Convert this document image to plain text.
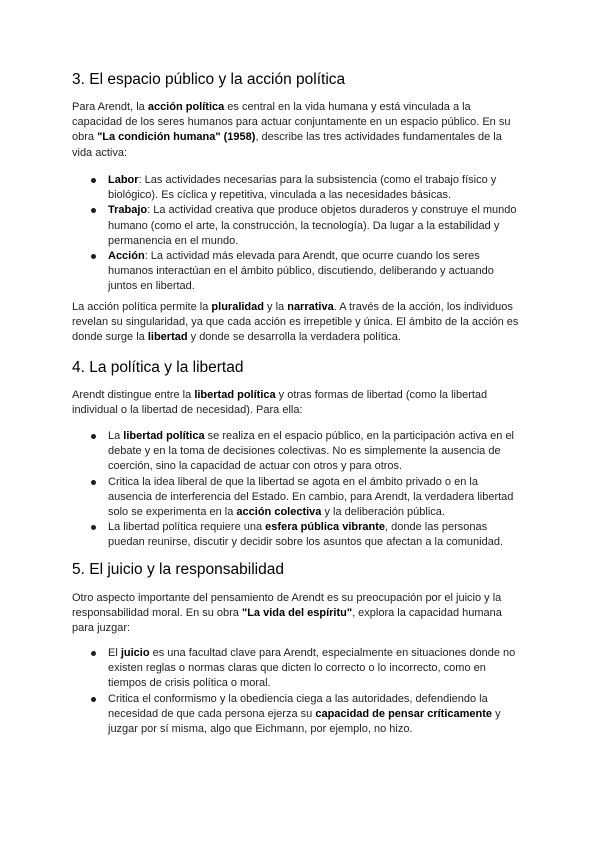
3. El espacio público y la acción política

Para Arendt, la acción política es central en la vida humana y está vinculada a la

capacidad de los seres humanos para actuar conjuntamente en un espacio público. En su

obra "La condición humana" (1958), describe las tres actividades fundamentales de la

vida activa:

Labor: Las actividades necesarias para la subsistencia (como el trabajo físico y
biológico). Es cíclica y repetitiva, vinculada a las necesidades básicas.
Trabajo: La actividad creativa que produce objetos duraderos y construye el mundo
humano (como el arte, la construcción, la tecnología). Da lugar a la estabilidad y
permanencia en el mundo.
Acción: La actividad más elevada para Arendt, que ocurre cuando los seres
humanos interactúan en el ámbito público, discutiendo, deliberando y actuando
juntos en libertad.

La acción política permite la pluralidad y la narrativa. A través de la acción, los individuos

revelan su singularidad, ya que cada acción es irrepetible y única. El ámbito de la acción es

donde surge la libertad y donde se desarrolla la verdadera política.

4. La política y la libertad

Arendt distingue entre la libertad política y otras formas de libertad (como la libertad

individual o la libertad de necesidad). Para ella:

La libertad política se realiza en el espacio público, en la participación activa en el
debate y en la toma de decisiones colectivas. No es simplemente la ausencia de
coerción, sino la capacidad de actuar con otros y para otros.
Critica la idea liberal de que la libertad se agota en el ámbito privado o en la
ausencia de interferencia del Estado. En cambio, para Arendt, la verdadera libertad
solo se experimenta en la acción colectiva y la deliberación pública.
La libertad política requiere una esfera pública vibrante, donde las personas
puedan reunirse, discutir y decidir sobre los asuntos que afectan a la comunidad.
5. El juicio y la responsabilidad

Otro aspecto importante del pensamiento de Arendt es su preocupación por el juicio y la

responsabilidad moral. En su obra "La vida del espíritu", explora la capacidad humana

para juzgar:

El juicio es una facultad clave para Arendt, especialmente en situaciones donde no
existen reglas o normas claras que dicten lo correcto o lo incorrecto, como en
tiempos de crisis política o moral.
Critica el conformismo y la obediencia ciega a las autoridades, defendiendo la
necesidad de que cada persona ejerza su capacidad de pensar críticamente y
juzgar por sí misma, algo que Eichmann, por ejemplo, no hizo.
